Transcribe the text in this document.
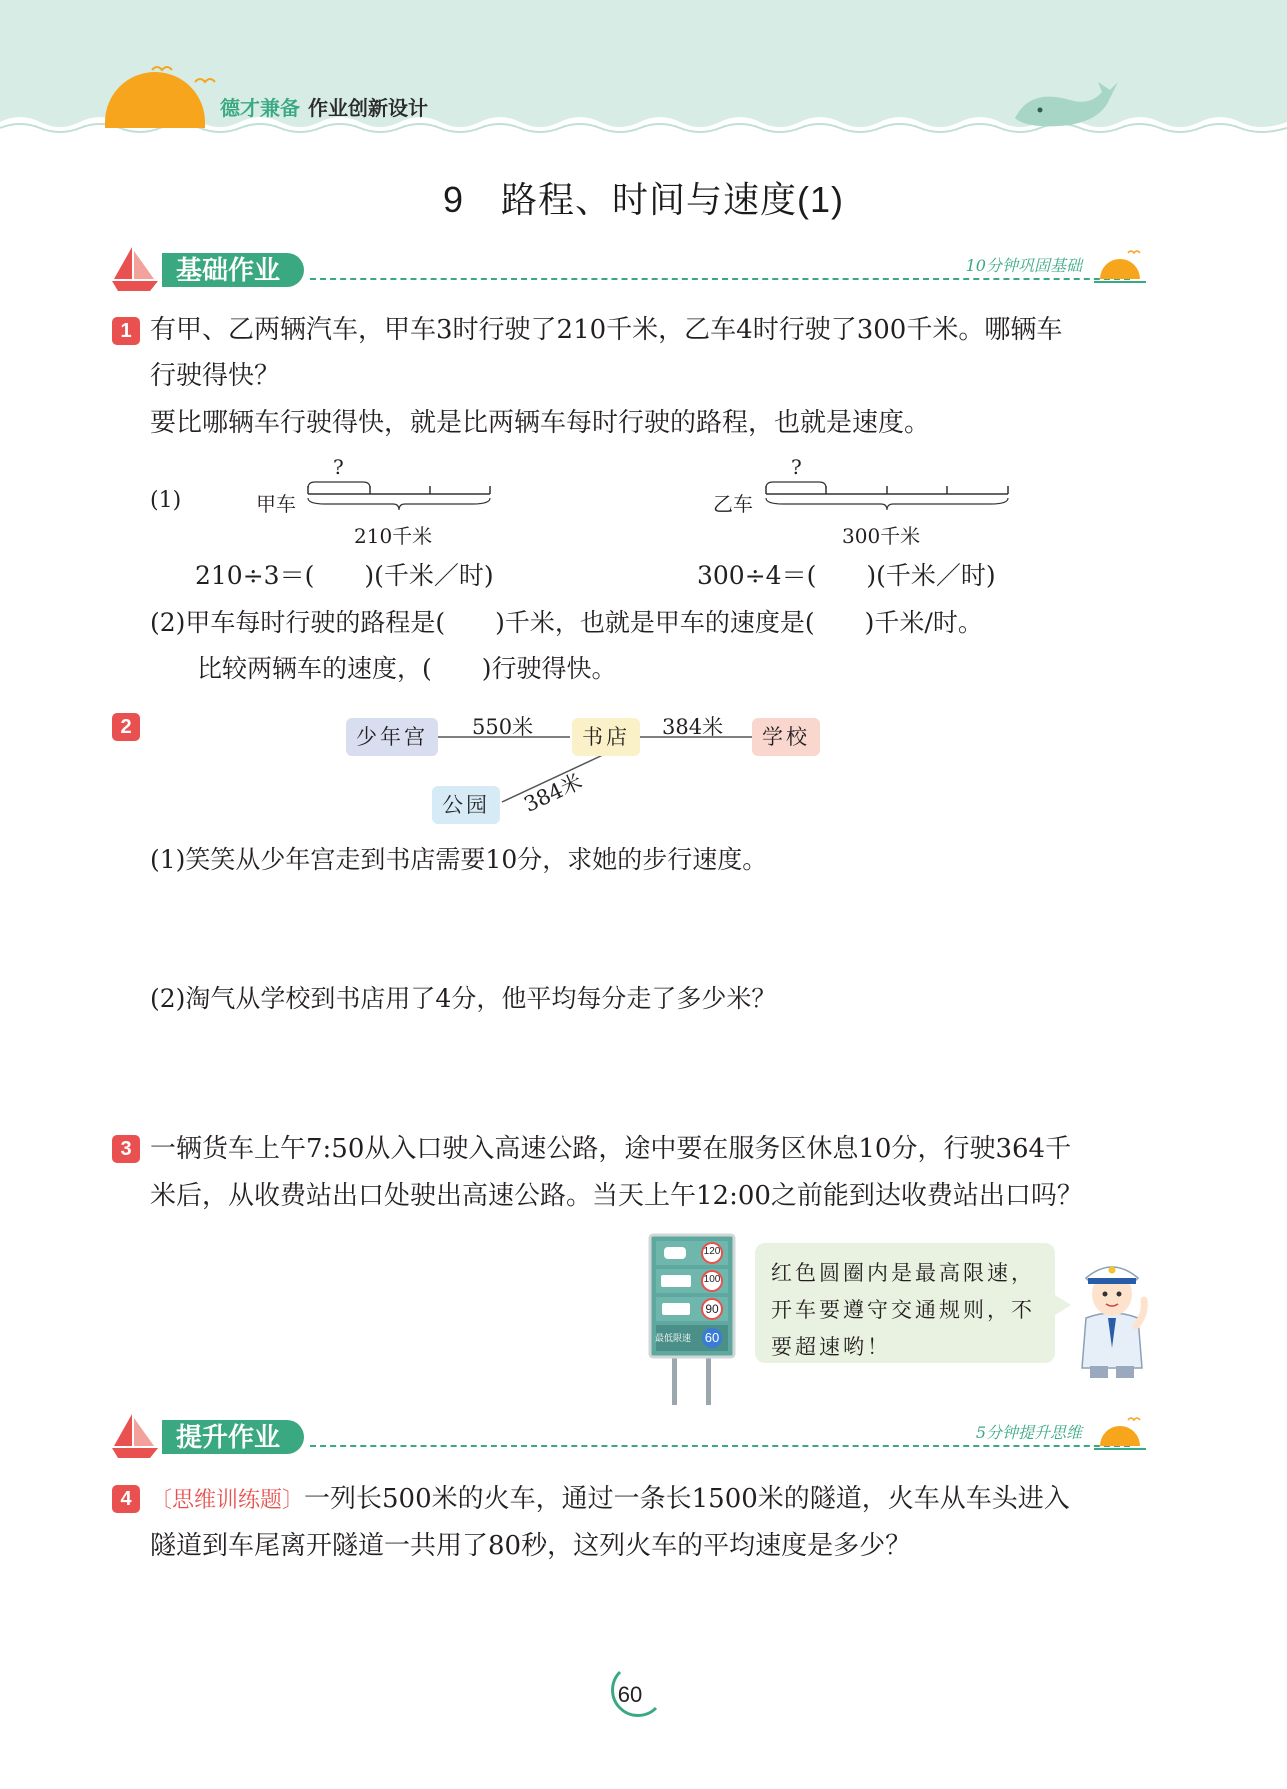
德才兼备 作业创新设计
9　路程、时间与速度(1)
基础作业	10分钟巩固基础
1 有甲、乙两辆汽车，甲车3时行驶了210千米，乙车4时行驶了300千米。哪辆车
行驶得快？
要比哪辆车行驶得快，就是比两辆车每时行驶的路程，也就是速度。
(1)	甲车
?
210千米
乙车
?
300千米
210÷3＝(　　)(千米／时)	300÷4＝(　　)(千米／时)
(2)甲车每时行驶的路程是(　　)千米，也就是甲车的速度是(　　)千米/时。
比较两辆车的速度，(　　)行驶得快。
2	少年宫	书店	学校
公园
550米	384米
384米
(1)笑笑从少年宫走到书店需要10分，求她的步行速度。
(2)淘气从学校到书店用了4分，他平均每分走了多少米？
3 一辆货车上午7:50从入口驶入高速公路，途中要在服务区休息10分，行驶364千
米后，从收费站出口处驶出高速公路。当天上午12:00之前能到达收费站出口吗？
120
100
90
60
最低限速
红色圆圈内是最高限速，
开车要遵守交通规则，不
要超速哟！
提升作业	5分钟提升思维
4 〔思维训练题〕一列长500米的火车，通过一条长1500米的隧道，火车从车头进入
隧道到车尾离开隧道一共用了80秒，这列火车的平均速度是多少？
60
